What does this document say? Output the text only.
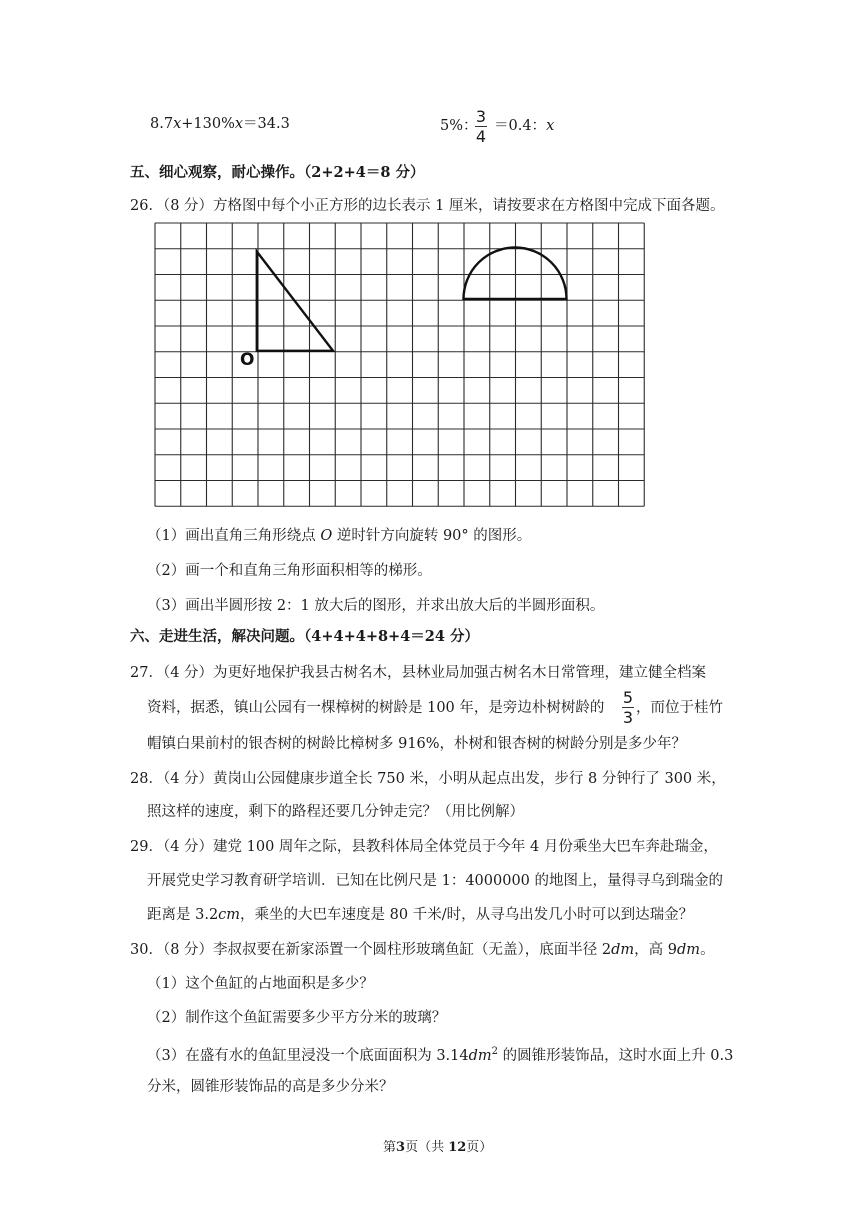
8.7x+130%x＝34.3	5%：
3
4
＝0.4：x
五、细心观察，耐心操作。（2+2+4＝8 分）
26．（8 分）方格图中每个小正方形的边长表示 1 厘米，请按要求在方格图中完成下面各题。
O
（1）画出直角三角形绕点 O 逆时针方向旋转 90° 的图形。
（2）画一个和直角三角形面积相等的梯形。
（3）画出半圆形按 2：1 放大后的图形，并求出放大后的半圆形面积。
六、走进生活，解决问题。（4+4+4+8+4＝24 分）
27．（4 分）为更好地保护我县古树名木，县林业局加强古树名木日常管理，建立健全档案
资料，据悉，镇山公园有一棵樟树的树龄是 100 年，是旁边朴树树龄的
5
3 ，而位于桂竹
帽镇白果前村的银杏树的树龄比樟树多 916%，朴树和银杏树的树龄分别是多少年？
28．（4 分）黄岗山公园健康步道全长 750 米，小明从起点出发，步行 8 分钟行了 300 米，
照这样的速度，剩下的路程还要几分钟走完？（用比例解）
29．（4 分）建党 100 周年之际，县教科体局全体党员于今年 4 月份乘坐大巴车奔赴瑞金，
开展党史学习教育研学培训．已知在比例尺是 1：4000000 的地图上，量得寻乌到瑞金的
距离是 3.2cm，乘坐的大巴车速度是 80 千米/时，从寻乌出发几小时可以到达瑞金？
30．（8 分）李叔叔要在新家添置一个圆柱形玻璃鱼缸（无盖），底面半径 2dm，高 9dm。
（1）这个鱼缸的占地面积是多少？
（2）制作这个鱼缸需要多少平方分米的玻璃？
（3）在盛有水的鱼缸里浸没一个底面面积为 $3.14dm^2$ 的圆锥形装饰品，这时水面上升 0.3
分米，圆锥形装饰品的高是多少分米？
第3页（共 12页）
